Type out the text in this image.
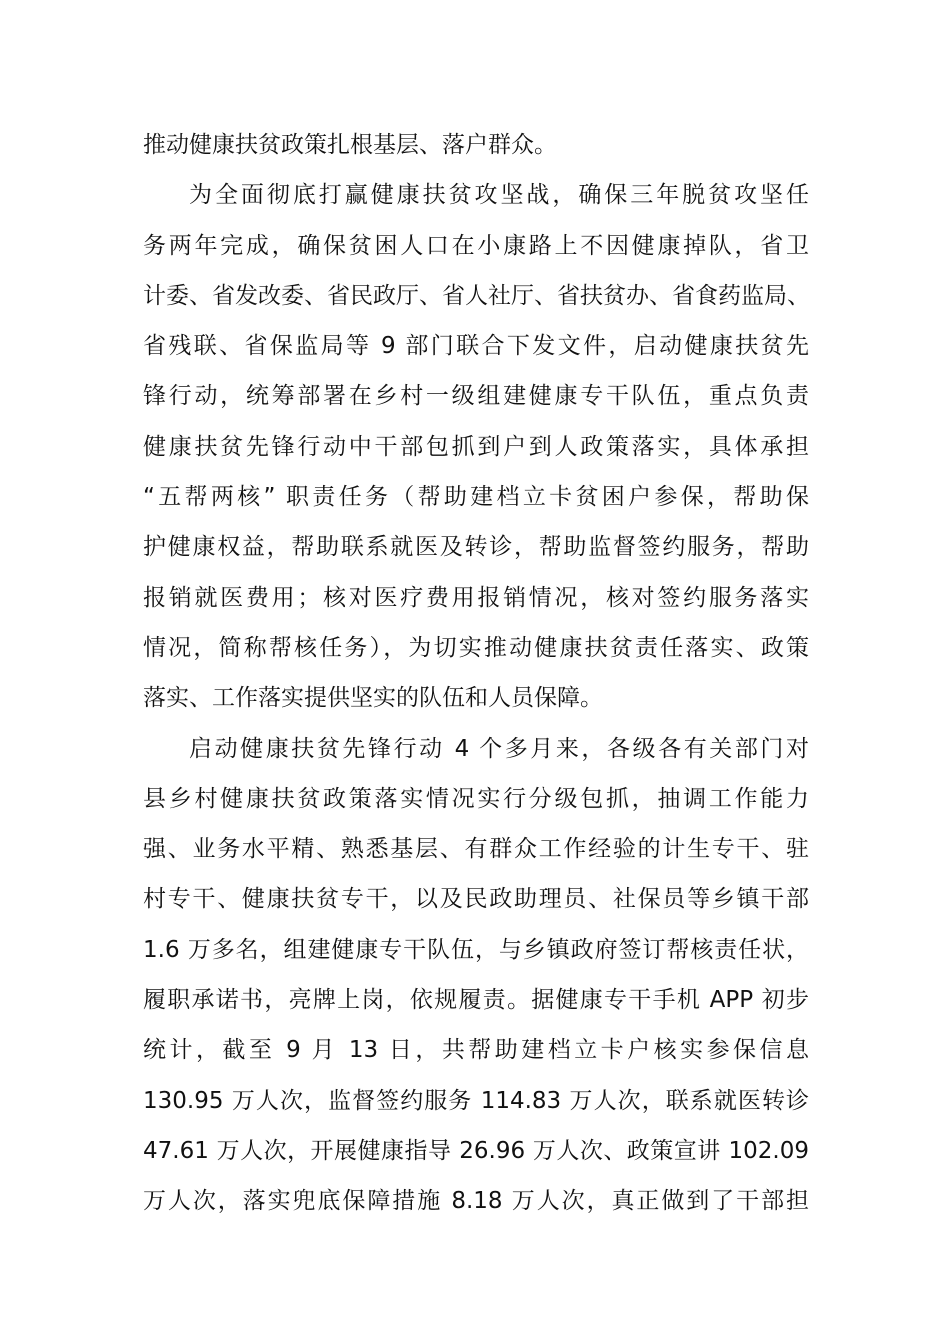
推动健康扶贫政策扎根基层、落户群众。
为全面彻底打赢健康扶贫攻坚战，确保三年脱贫攻坚任
务两年完成，确保贫困人口在小康路上不因健康掉队，省卫
计委、省发改委、省民政厅、省人社厅、省扶贫办、省食药监局、
省残联、省保监局等 9 部门联合下发文件，启动健康扶贫先
锋行动，统筹部署在乡村一级组建健康专干队伍，重点负责
健康扶贫先锋行动中干部包抓到户到人政策落实，具体承担
“五帮两核” 职责任务（帮助建档立卡贫困户参保，帮助保
护健康权益，帮助联系就医及转诊，帮助监督签约服务，帮助
报销就医费用；核对医疗费用报销情况，核对签约服务落实
情况，简称帮核任务），为切实推动健康扶贫责任落实、政策
落实、工作落实提供坚实的队伍和人员保障。
启动健康扶贫先锋行动 4 个多月来，各级各有关部门对
县乡村健康扶贫政策落实情况实行分级包抓，抽调工作能力
强、业务水平精、熟悉基层、有群众工作经验的计生专干、驻
村专干、健康扶贫专干，以及民政助理员、社保员等乡镇干部
1.6 万多名，组建健康专干队伍，与乡镇政府签订帮核责任状，
履职承诺书，亮牌上岗，依规履责。据健康专干手机 APP 初步
统计，截至 9 月 13 日，共帮助建档立卡户核实参保信息
130.95 万人次，监督签约服务 114.83 万人次，联系就医转诊
47.61 万人次，开展健康指导 26.96 万人次、政策宣讲 102.09
万人次，落实兜底保障措施 8.18 万人次，真正做到了干部担
